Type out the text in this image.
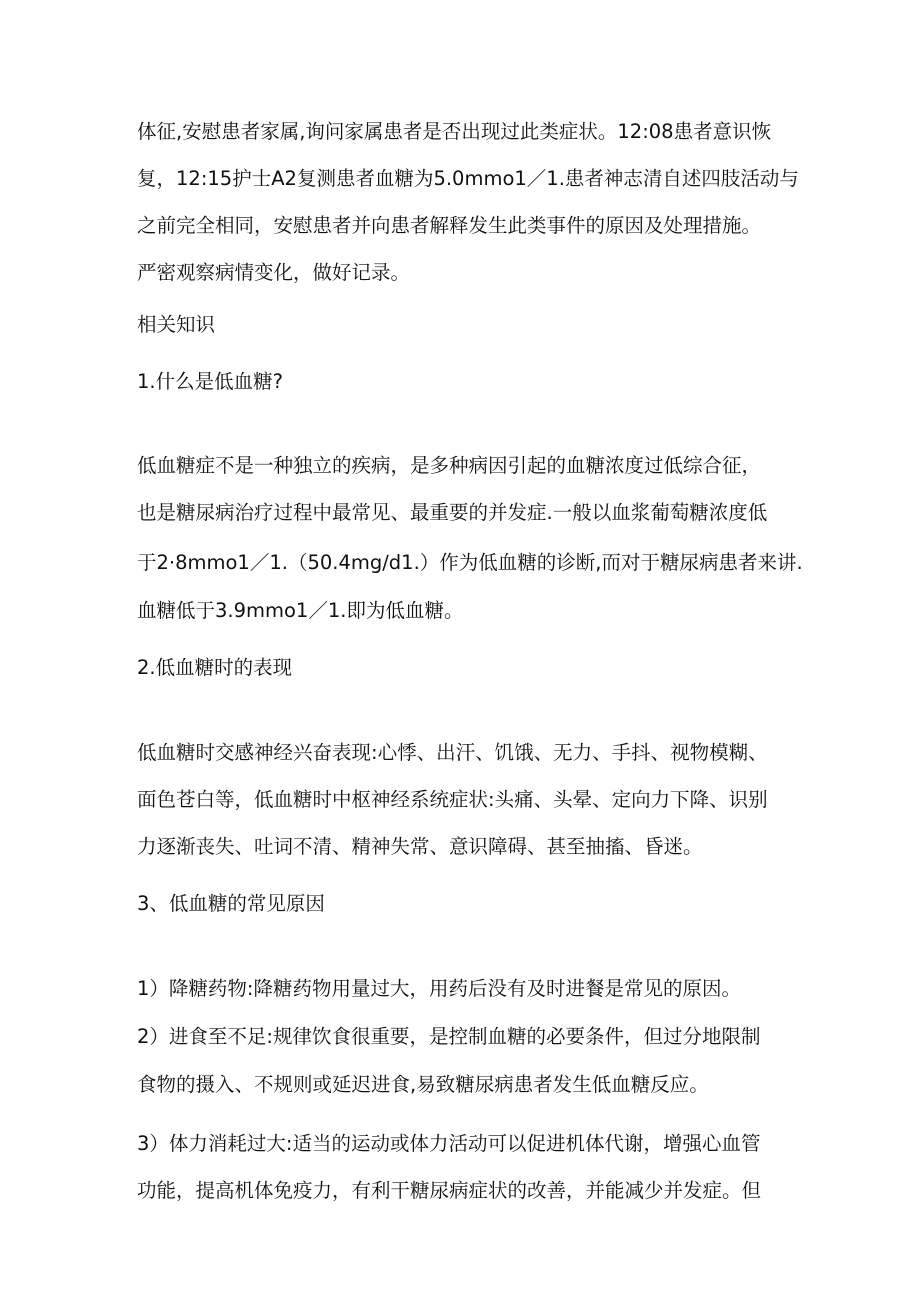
体征,安慰患者家属,询问家属患者是否出现过此类症状。12:08患者意识恢
复，12:15护士A2复测患者血糖为5.0mmo1／1.患者神志清自述四肢活动与
之前完全相同，安慰患者并向患者解释发生此类事件的原因及处理措施。
严密观察病情变化，做好记录。
相关知识
1.什么是低血糖?
低血糖症不是一种独立的疾病，是多种病因引起的血糖浓度过低综合征，
也是糖尿病治疗过程中最常见、最重要的并发症.一般以血浆葡萄糖浓度低
于2·8mmo1／1.（50.4mg∕d1.）作为低血糖的诊断,而对于糖尿病患者来讲.
血糖低于3.9mmo1／1.即为低血糖。
2.低血糖时的表现
低血糖时交感神经兴奋表现:心悸、出汗、饥饿、无力、手抖、视物模糊、
面色苍白等，低血糖时中枢神经系统症状:头痛、头晕、定向力下降、识别
力逐渐丧失、吐词不清、精神失常、意识障碍、甚至抽搐、昏迷。
3、低血糖的常见原因
1）降糖药物:降糖药物用量过大，用药后没有及时进餐是常见的原因。
2）进食至不足:规律饮食很重要，是控制血糖的必要条件，但过分地限制
食物的摄入、不规则或延迟进食,易致糖尿病患者发生低血糖反应。
3）体力消耗过大:适当的运动或体力活动可以促进机体代谢，增强心血管
功能，提高机体免疫力，有利干糖尿病症状的改善，并能减少并发症。但
